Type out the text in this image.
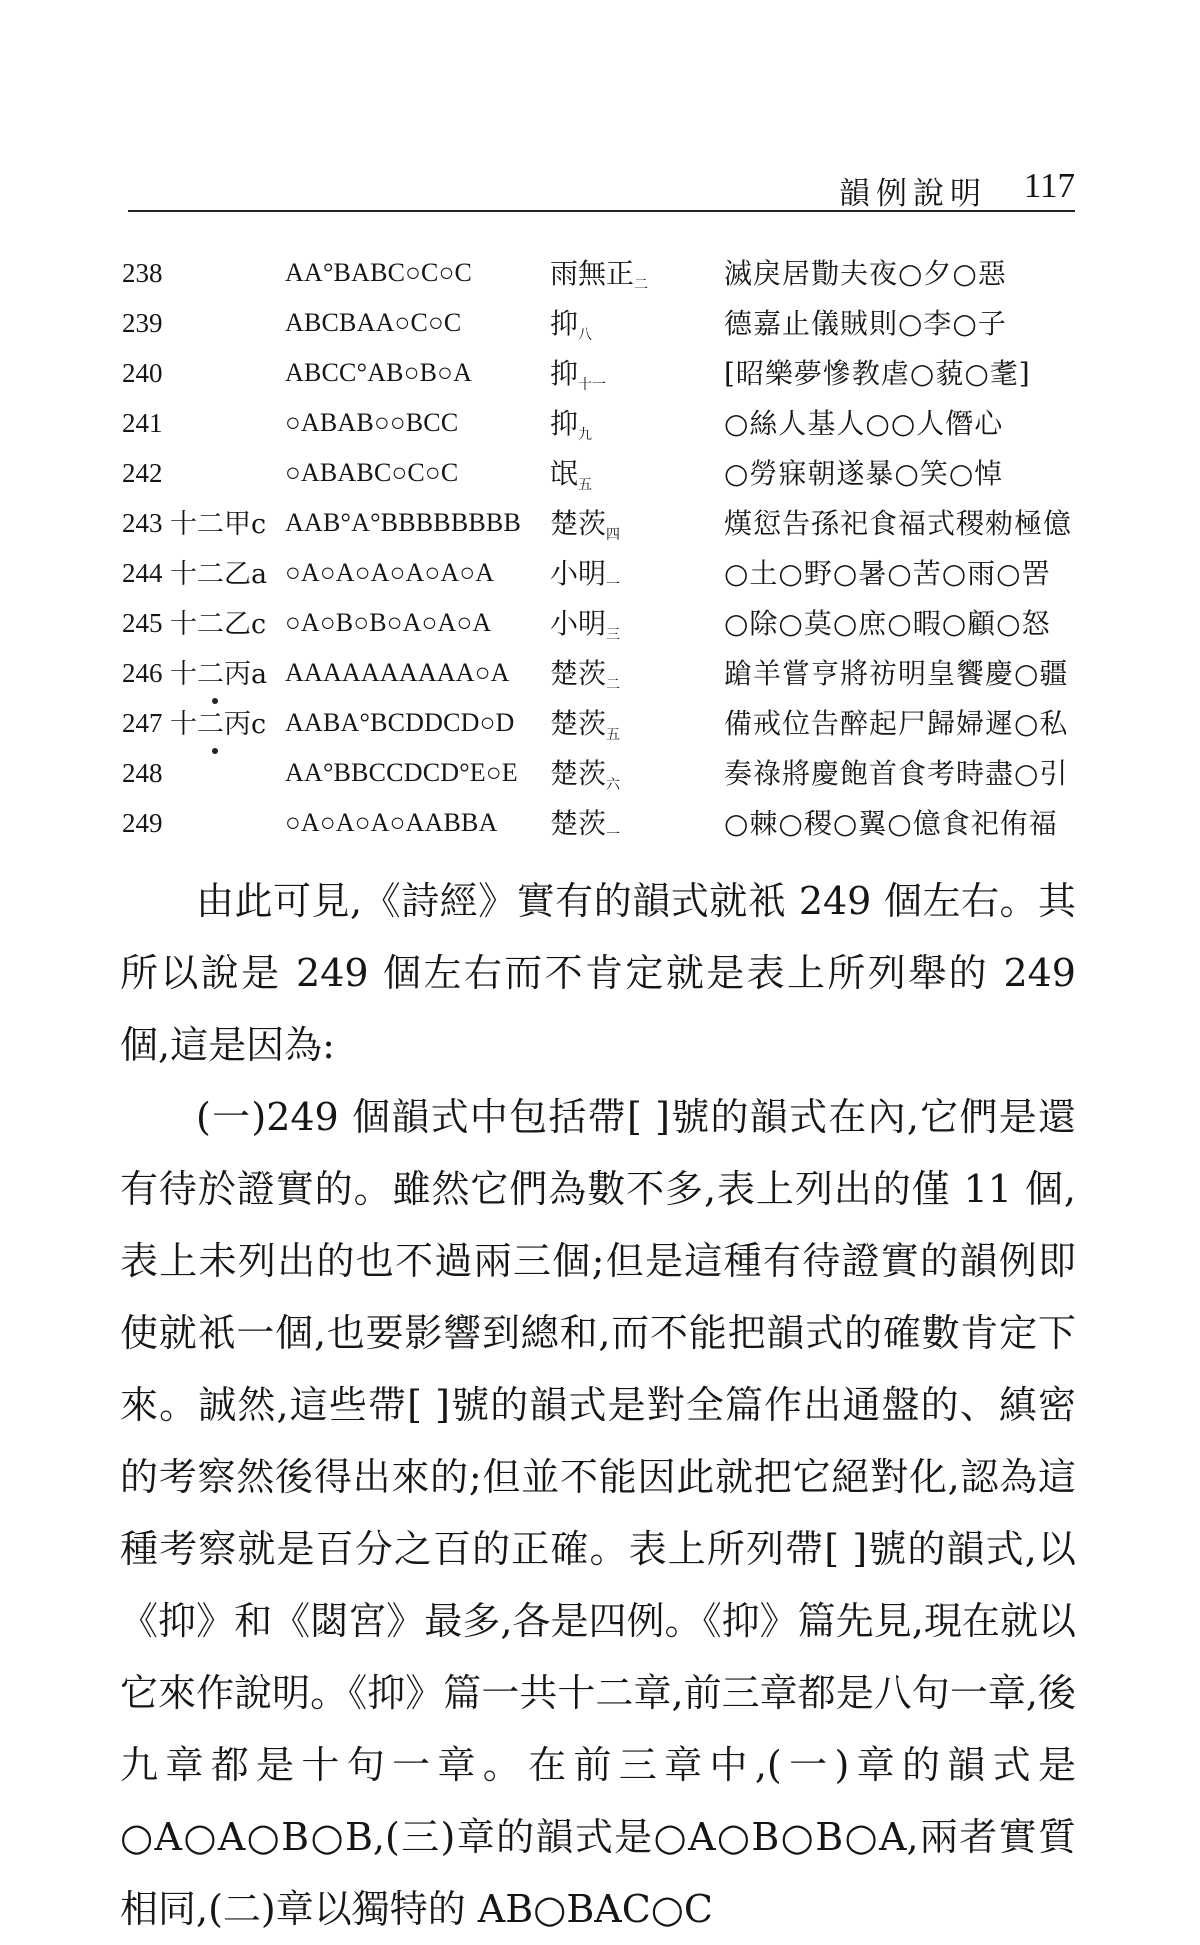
韻例說明 117
238	AA°BABC○C○C	雨無正$_二$	滅戾居勩夫夜○夕○惡
239	ABCBAA○C○C	抑$_八$	德嘉止儀賊則○李○子
240	ABCC°AB○B○A	抑$_{十一}$	[昭樂夢慘教虐○藐○耄]
241	○ABAB○○BCC	抑$_九$	○絲人基人○○人僭心
242	○ABABC○C○C	氓$_五$	○勞寐朝遂暴○笑○悼
243 十二甲c AAB°A°BBBBBBBB 楚茨$_四$	熯愆告孫祀食福式稷勑極億
244 十二乙a ○A○A○A○A○A○A 小明$_一$	○土○野○暑○苦○雨○罟
245 十二乙c ○A○B○B○A○A○A 小明$_三$	○除○莫○庶○暇○顧○怒
246 十二丙a AAAAAAAAAA○A 楚茨$_二$	蹌羊嘗亨將祊明皇饗慶○疆
247 十二丙c AABA°BCDDCD○D 楚茨$_五$	備戒位告醉起尸歸婦遲○私
248	AA°BBCCDCD°E○E 楚茨$_六$	奏祿將慶飽首食考時盡○引
249	○A○A○A○AABBA 楚茨$_一$	○棘○稷○翼○億食祀侑福

由此可見,《詩經》實有的韻式就衹 249 個左右。其所以說是 249 個左右而不肯定就是表上所列舉的 249 個,這是因為:

(一)249 個韻式中包括帶[ ]號的韻式在內,它們是還有待於證實的。雖然它們為數不多,表上列出的僅 11 個,表上未列出的也不過兩三個;但是這種有待證實的韻例即使就衹一個,也要影響到總和,而不能把韻式的確數肯定下來。誠然,這些帶[ ]號的韻式是對全篇作出通盤的、縝密的考察然後得出來的;但並不能因此就把它絕對化,認為這種考察就是百分之百的正確。表上所列帶[ ]號的韻式,以《抑》和《閟宮》最多,各是四例。《抑》篇先見,現在就以它來作說明。《抑》篇一共十二章,前三章都是八句一章,後九章都是十句一章。在前三章中,(一)章的韻式是○A○A○B○B,(三)章的韻式是○A○B○B○A,兩者實質相同,(二)章以獨特的 AB○BAC○C
